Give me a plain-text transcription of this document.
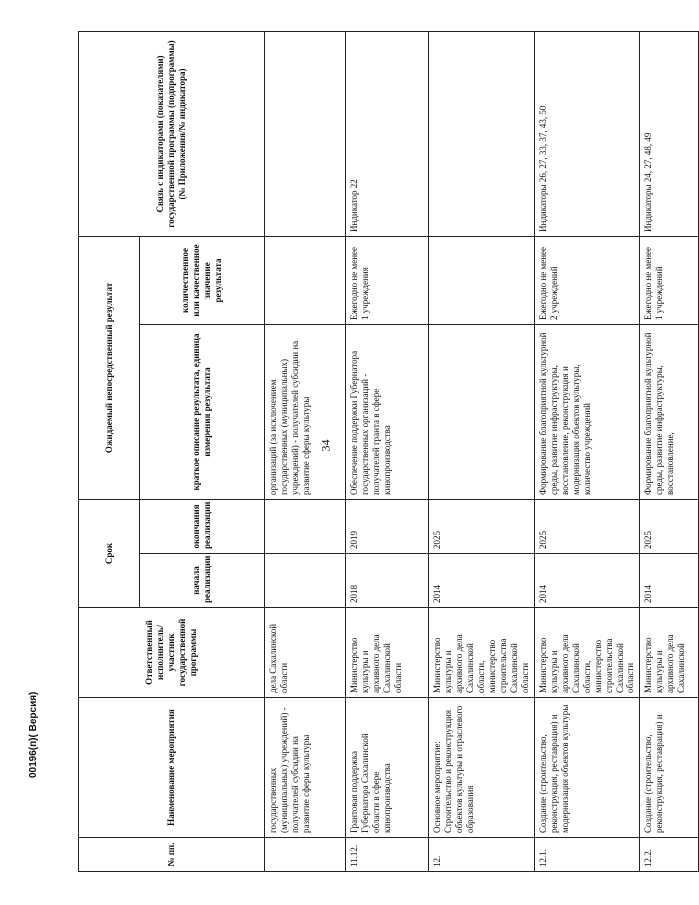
34
00196(п)( Версия)
№ пп.	Наименование мероприятия	Ответственный исполнитель/участник государственной программы	Срок		Ожидаемый непосредственный результат		Связь с индикаторами (показателями) государственной программы (подпрограммы) (№ Приложения/№ индикатора)
			начала реализации	окончания реализации	краткое описание результата, единица измерения результата	количественное или качественное значение результата	
	государственных (муниципальных) учреждений) - получателей субсидии на развитие сферы культуры	дела Сахалинской области			организаций (за исключением государственных (муниципальных) учреждений) - получателей субсидии на развитие сферы культуры		
11.12.	Грантовая поддержка Губернатора Сахалинской области в сфере кинопроизводства	Министерство культуры и архивного дела Сахалинской области	2018	2019	Обеспечение поддержки Губернатора государственных организаций - получателей гранта в сфере кинопроизводства	Ежегодно не менее 1 учреждения	Индикатор 22
12.	Основное мероприятие: Строительство и реконструкция объектов культуры и отраслевого образования	Министерство культуры и архивного дела Сахалинской области, министерство строительства Сахалинской области	2014	2025			
12.1.	Создание (строительство, реконструкция, реставрация) и модернизация объектов культуры	Министерство культуры и архивного дела Сахалинской области, министерство строительства Сахалинской области	2014	2025	Формирование благоприятной культурной среды, развитие инфраструктуры, восстановление, реконструкция и модернизация объектов культуры, количество учреждений	Ежегодно не менее 2 учреждений	Индикаторы 26, 27, 33, 37, 43, 50
12.2.	Создание (строительство, реконструкция, реставрация) и	Министерство культуры и архивного дела Сахалинской	2014	2025	Формирование благоприятной культурной среды, развитие инфраструктуры, восстановление,	Ежегодно не менее 1 учреждений	Индикаторы 24, 27, 48, 49
